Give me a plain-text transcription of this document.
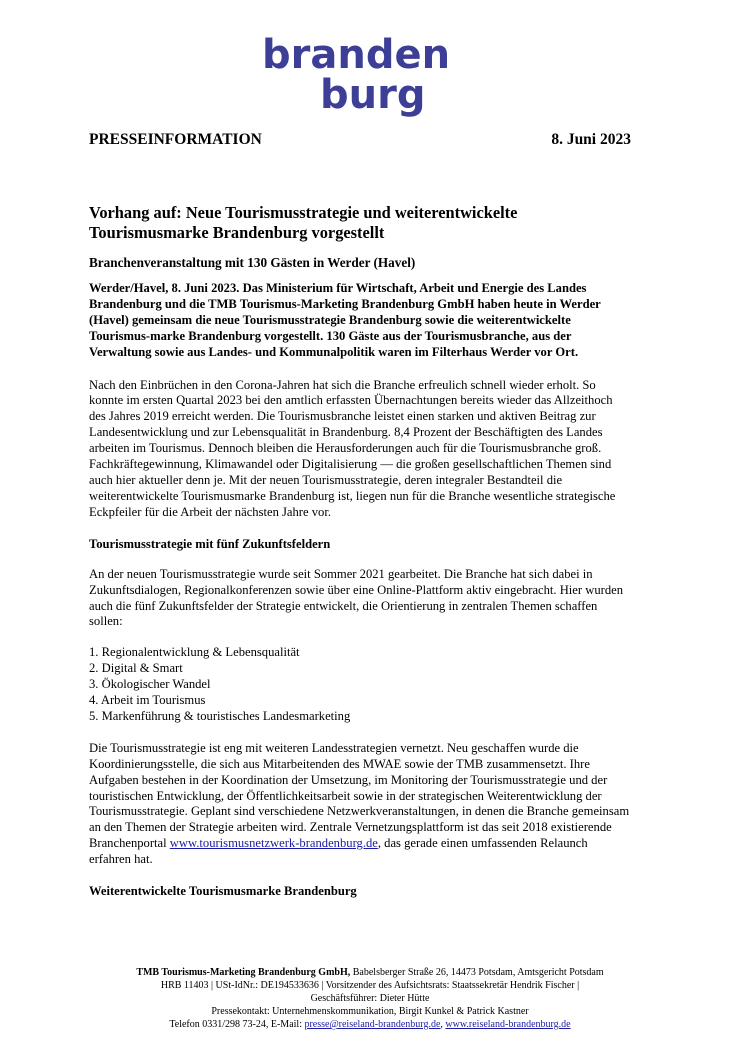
branden
burg
PRESSEINFORMATION	8. Juni 2023
Vorhang auf: Neue Tourismusstrategie und weiterentwickelte Tourismusmarke Brandenburg vorgestellt
Branchenveranstaltung mit 130 Gästen in Werder (Havel)

Werder/Havel, 8. Juni 2023. Das Ministerium für Wirtschaft, Arbeit und Energie des Landes Brandenburg und die TMB Tourismus-Marketing Brandenburg GmbH haben heute in Werder (Havel) gemeinsam die neue Tourismusstrategie Brandenburg sowie die weiterentwickelte Tourismus-marke Brandenburg vorgestellt. 130 Gäste aus der Tourismusbranche, aus der Verwaltung sowie aus Landes- und Kommunalpolitik waren im Filterhaus Werder vor Ort.

Nach den Einbrüchen in den Corona-Jahren hat sich die Branche erfreulich schnell wieder erholt. So konnte im ersten Quartal 2023 bei den amtlich erfassten Übernachtungen bereits wieder das Allzeithoch des Jahres 2019 erreicht werden. Die Tourismusbranche leistet einen starken und aktiven Beitrag zur Landesentwicklung und zur Lebensqualität in Brandenburg. 8,4 Prozent der Beschäftigten des Landes arbeiten im Tourismus. Dennoch bleiben die Herausforderungen auch für die Tourismusbranche groß. Fachkräftegewinnung, Klimawandel oder Digitalisierung — die großen gesellschaftlichen Themen sind auch hier aktueller denn je. Mit der neuen Tourismusstrategie, deren integraler Bestandteil die weiterentwickelte Tourismusmarke Brandenburg ist, liegen nun für die Branche wesentliche strategische Eckpfeiler für die Arbeit der nächsten Jahre vor.

Tourismusstrategie mit fünf Zukunftsfeldern

An der neuen Tourismusstrategie wurde seit Sommer 2021 gearbeitet. Die Branche hat sich dabei in Zukunftsdialogen, Regionalkonferenzen sowie über eine Online-Plattform aktiv eingebracht. Hier wurden auch die fünf Zukunftsfelder der Strategie entwickelt, die Orientierung in zentralen Themen schaffen sollen:

1. Regionalentwicklung & Lebensqualität
2. Digital & Smart
3. Ökologischer Wandel
4. Arbeit im Tourismus
5. Markenführung & touristisches Landesmarketing

Die Tourismusstrategie ist eng mit weiteren Landesstrategien vernetzt. Neu geschaffen wurde die Koordinierungsstelle, die sich aus Mitarbeitenden des MWAE sowie der TMB zusammensetzt. Ihre Aufgaben bestehen in der Koordination der Umsetzung, im Monitoring der Tourismusstrategie und der touristischen Entwicklung, der Öffentlichkeitsarbeit sowie in der strategischen Weiterentwicklung der Tourismusstrategie. Geplant sind verschiedene Netzwerkveranstaltungen, in denen die Branche gemeinsam an den Themen der Strategie arbeiten wird. Zentrale Vernetzungsplattform ist das seit 2018 existierende Branchenportal www.tourismusnetzwerk-brandenburg.de, das gerade einen umfassenden Relaunch erfahren hat.

Weiterentwickelte Tourismusmarke Brandenburg
TMB Tourismus-Marketing Brandenburg GmbH, Babelsberger Straße 26, 14473 Potsdam, Amtsgericht Potsdam
HRB 11403 | USt-IdNr.: DE194533636 | Vorsitzender des Aufsichtsrats: Staatssekretär Hendrik Fischer |
Geschäftsführer: Dieter Hütte
Pressekontakt: Unternehmenskommunikation, Birgit Kunkel & Patrick Kastner
Telefon 0331/298 73-24, E-Mail: presse@reiseland-brandenburg.de, www.reiseland-brandenburg.de
